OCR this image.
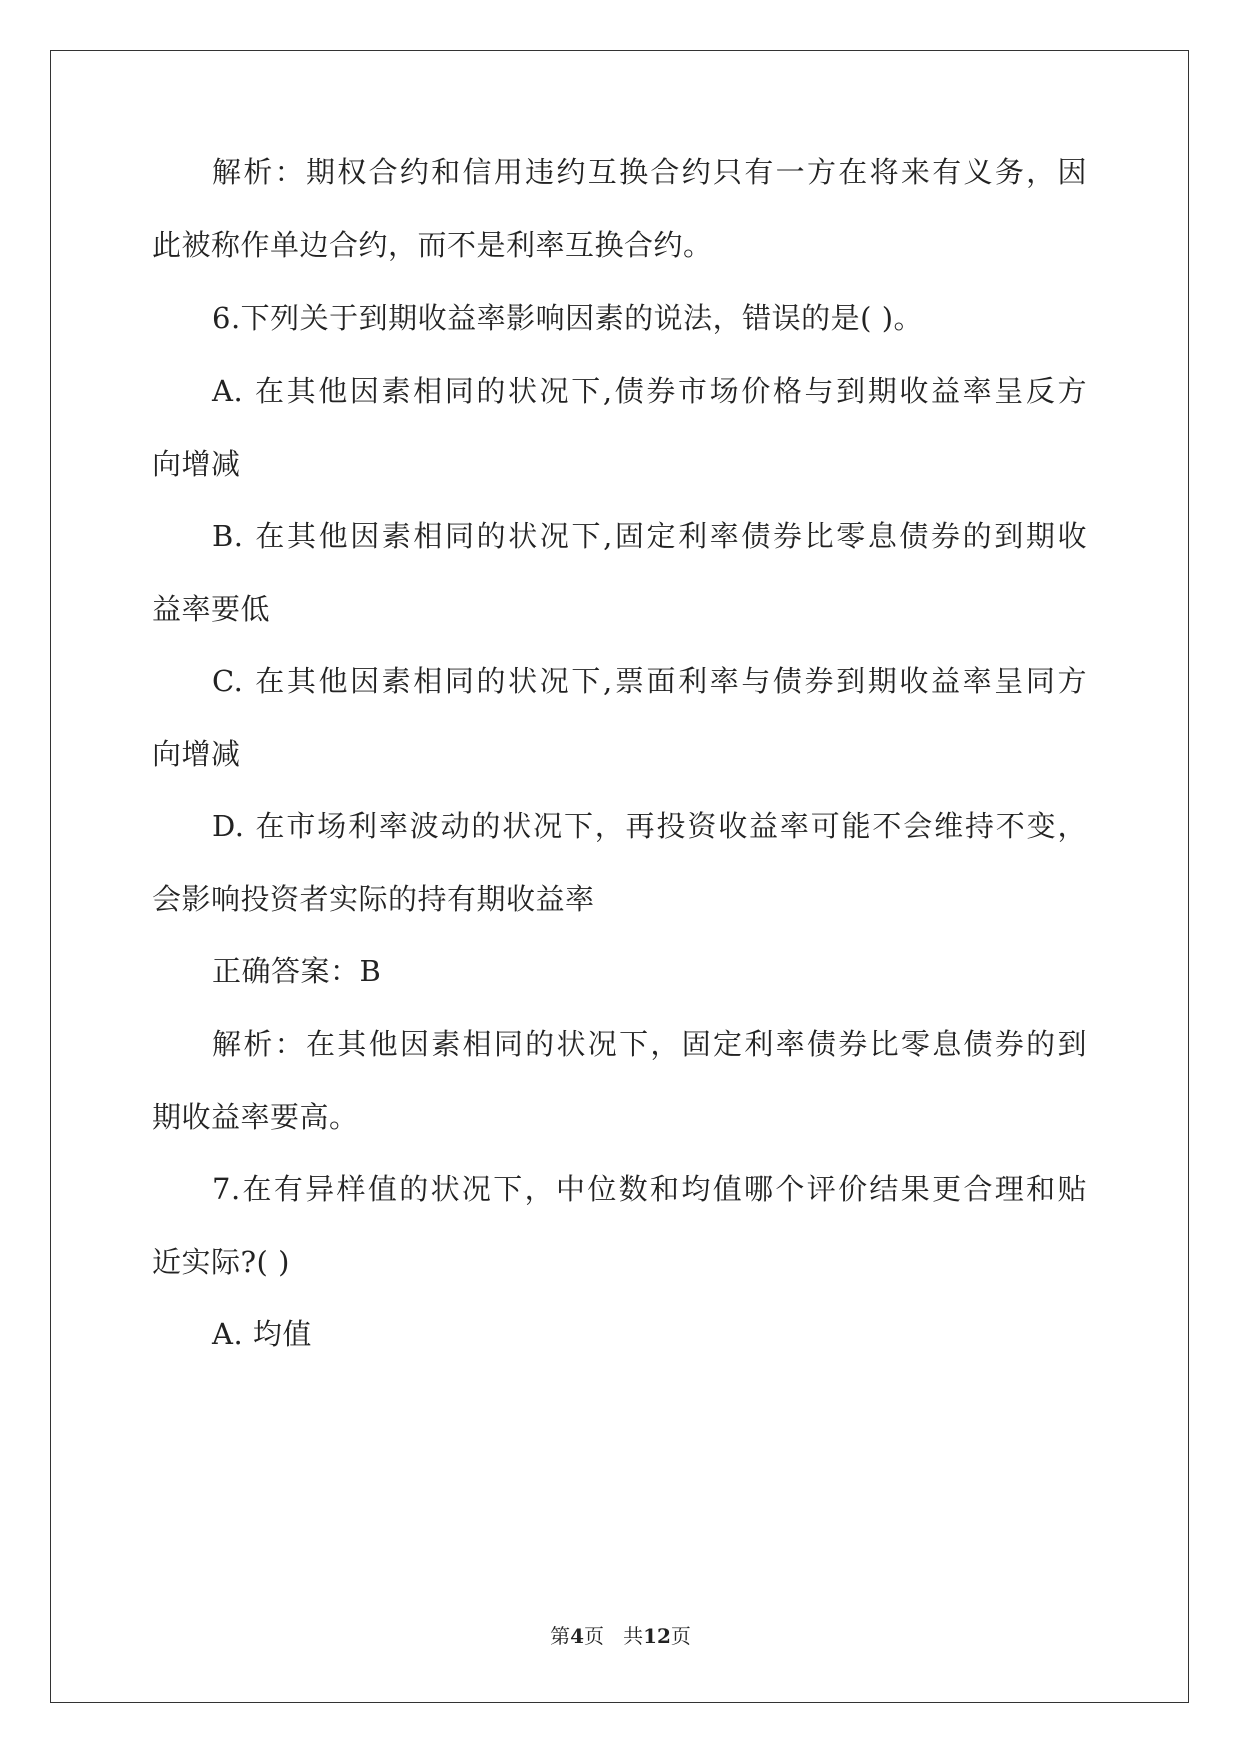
解析：期权合约和信用违约互换合约只有一方在将来有义务，因
此被称作单边合约，而不是利率互换合约。
6.下列关于到期收益率影响因素的说法，错误的是( )。
A. 在其他因素相同的状况下,债券市场价格与到期收益率呈反方
向增减
B. 在其他因素相同的状况下,固定利率债券比零息债券的到期收
益率要低
C. 在其他因素相同的状况下,票面利率与债券到期收益率呈同方
向增减
D. 在市场利率波动的状况下，再投资收益率可能不会维持不变，
会影响投资者实际的持有期收益率
正确答案：B
解析：在其他因素相同的状况下，固定利率债券比零息债券的到
期收益率要高。
7.在有异样值的状况下，中位数和均值哪个评价结果更合理和贴
近实际?( )
A. 均值
第4页 共12页
